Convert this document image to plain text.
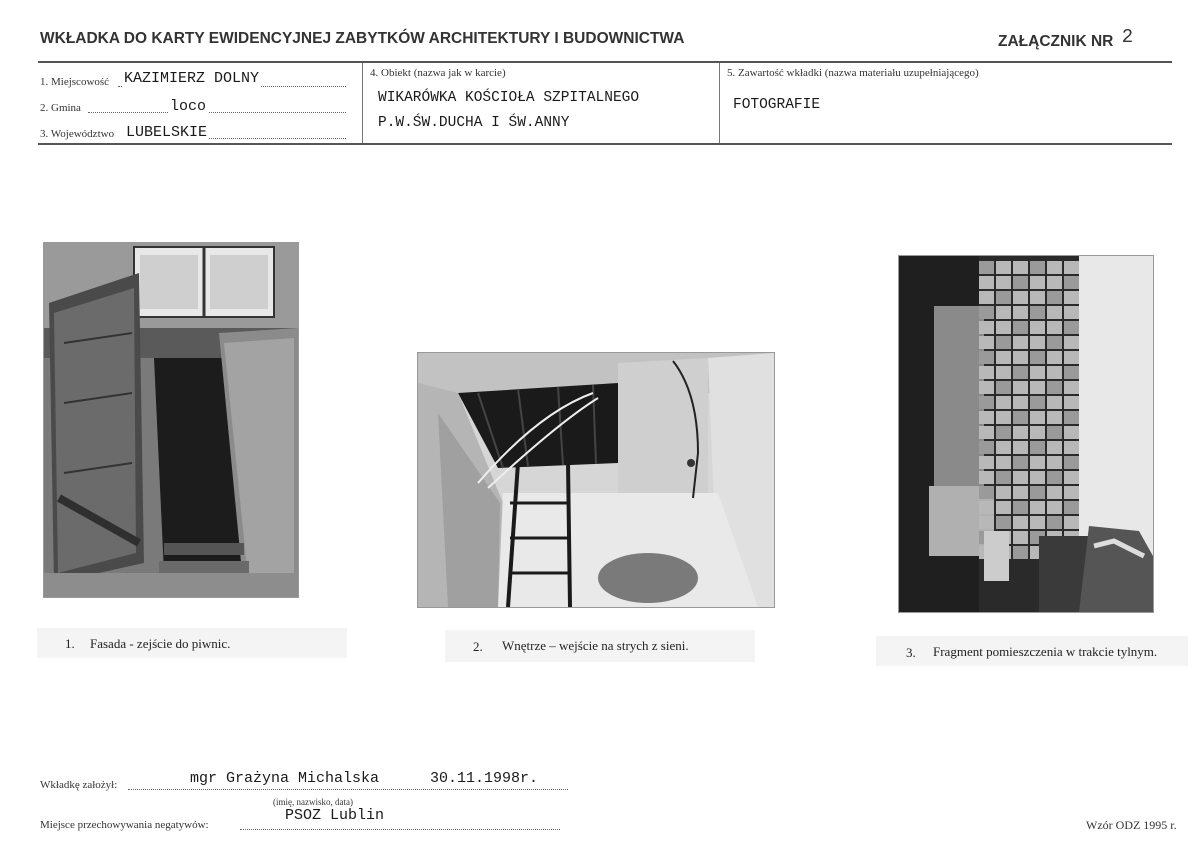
WKŁADKA DO KARTY EWIDENCYJNEJ ZABYTKÓW ARCHITEKTURY I BUDOWNICTWA	ZAŁĄCZNIK NR 2
1. Miejscowość KAZIMIERZ DOLNY
2. Gmina	loco
3. Województwo LUBELSKIE
4. Obiekt (nazwa jak w karcie)
WIKARÓWKA KOŚCIOŁA SZPITALNEGO
P.W.ŚW.DUCHA I ŚW.ANNY
5. Zawartość wkładki (nazwa materiału uzupełniającego)
FOTOGRAFIE
1. Fasada - zejście do piwnic.	2. Wnętrze – wejście na strych z sieni.	3. Fragment pomieszczenia w trakcie tylnym.
Wkładkę założył:	mgr Grażyna Michalska	30.11.1998r.
(imię, nazwisko, data)
Miejsce przechowywania negatywów:
PSOZ Lublin
Wzór ODZ 1995 r.
